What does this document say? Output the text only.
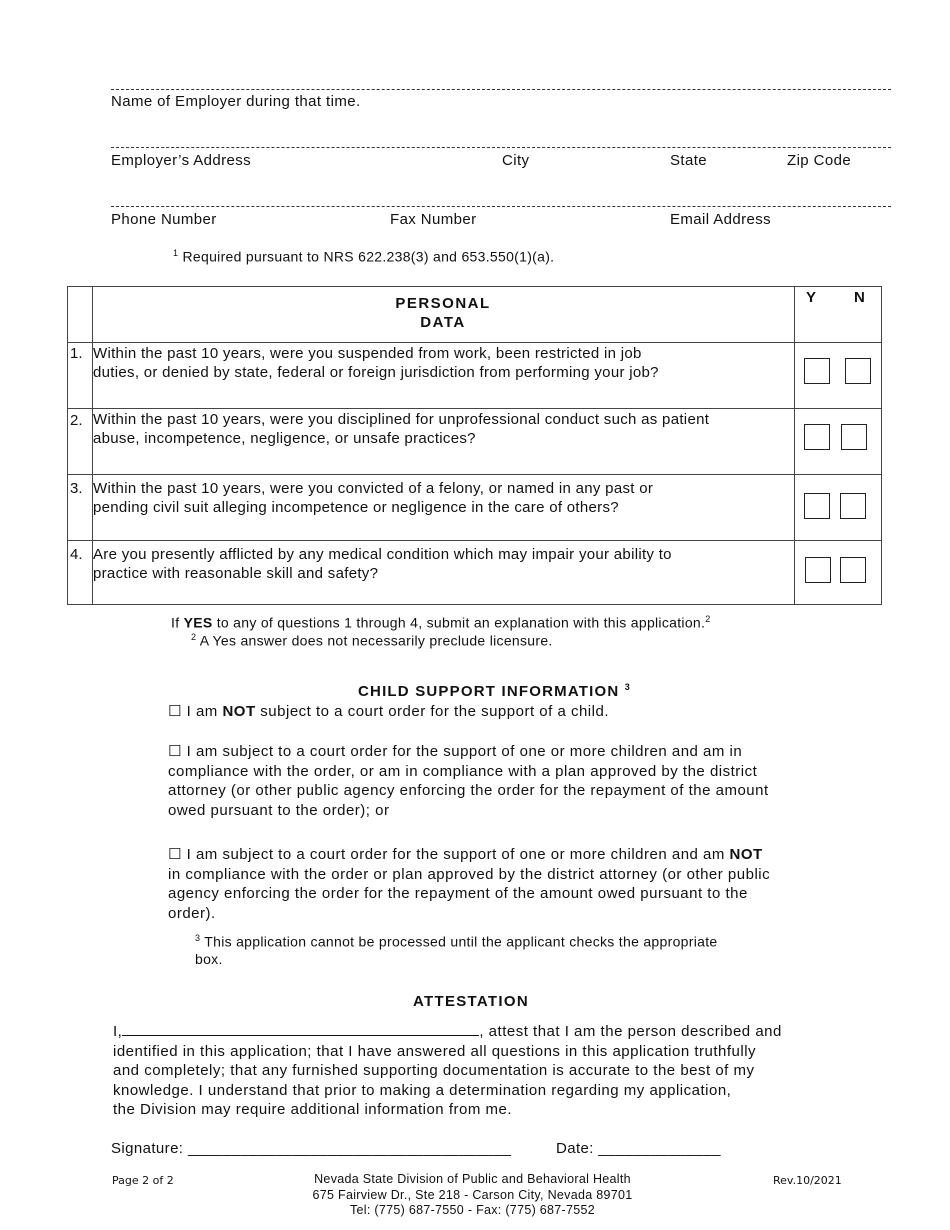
Name of Employer during that time.
Employer’s Address	City	State	Zip Code
Phone Number	Fax Number	Email Address
$^1$ Required pursuant to NRS 622.238(3) and 653.550(1)(a).
PERSONAL
DATA
Y N
1. Within the past 10 years, were you suspended from work, been restricted in job
duties, or denied by state, federal or foreign jurisdiction from performing your job?
2. Within the past 10 years, were you disciplined for unprofessional conduct such as patient
abuse, incompetence, negligence, or unsafe practices?
3. Within the past 10 years, were you convicted of a felony, or named in any past or
pending civil suit alleging incompetence or negligence in the care of others?
4. Are you presently afflicted by any medical condition which may impair your ability to
practice with reasonable skill and safety?
If YES to any of questions 1 through 4, submit an explanation with this application.$^2$
$^2$ A Yes answer does not necessarily preclude licensure.
CHILD SUPPORT INFORMATION $^3$
☐ I am NOT subject to a court order for the support of a child.
☐ I am subject to a court order for the support of one or more children and am in
compliance with the order, or am in compliance with a plan approved by the district
attorney (or other public agency enforcing the order for the repayment of the amount
owed pursuant to the order); or
☐ I am subject to a court order for the support of one or more children and am NOT
in compliance with the order or plan approved by the district attorney (or other public
agency enforcing the order for the repayment of the amount owed pursuant to the
order).
$^3$ This application cannot be processed until the applicant checks the appropriate
box.
ATTESTATION
I,	, attest that I am the person described and
identified in this application; that I have answered all questions in this application truthfully
and completely; that any furnished supporting documentation is accurate to the best of my
knowledge. I understand that prior to making a determination regarding my application,
the Division may require additional information from me.
Signature: _____________________________________	Date: ______________
Page 2 of 2	Nevada State Division of Public and Behavioral Health
675 Fairview Dr., Ste 218 - Carson City, Nevada 89701
Tel: (775) 687-7550 - Fax: (775) 687-7552
Rev.10/2021
